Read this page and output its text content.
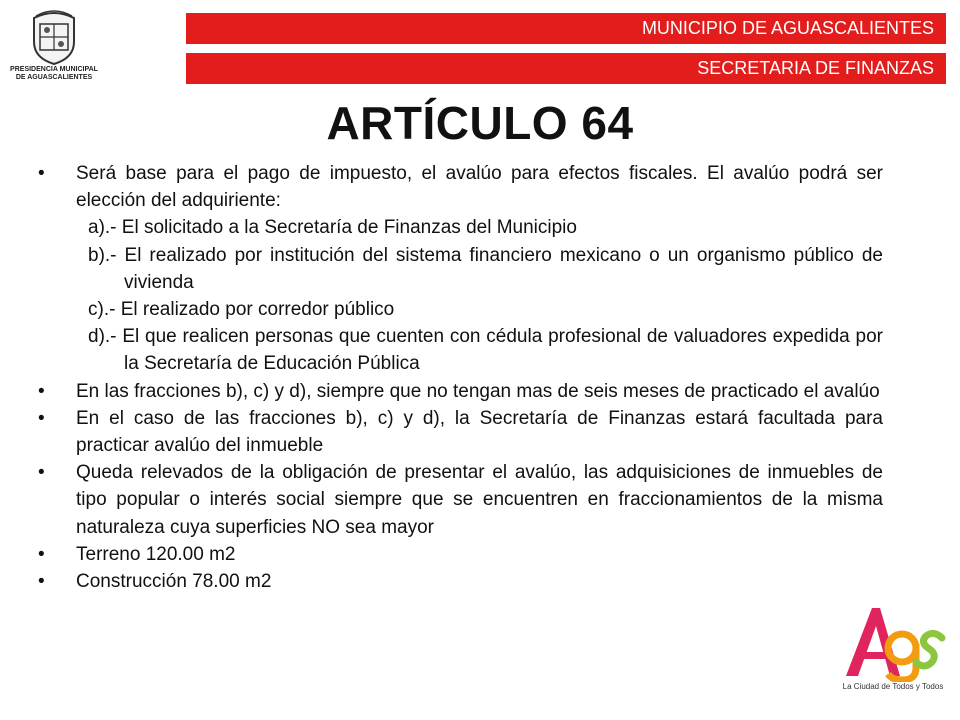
PRESIDENCIA MUNICIPAL
DE AGUASCALIENTES
MUNICIPIO DE AGUASCALIENTES
SECRETARIA DE FINANZAS
ARTÍCULO 64
• Será base para el pago de impuesto, el avalúo para efectos fiscales. El avalúo podrá ser elección del adquiriente:
a).- El solicitado a la Secretaría de Finanzas del Municipio
b).- El realizado por institución del sistema financiero mexicano o un organismo público de vivienda
c).- El realizado por corredor público
d).- El que realicen personas que cuenten con cédula profesional de valuadores expedida por la Secretaría de Educación Pública
• En las fracciones b), c) y d), siempre que no tengan mas de seis meses de practicado el avalúo
• En el caso de las fracciones b), c) y d), la Secretaría de Finanzas estará facultada para practicar avalúo del inmueble
• Queda relevados de la obligación de presentar el avalúo, las adquisiciones de inmuebles de tipo popular o interés social siempre que se encuentren en fraccionamientos de la misma naturaleza cuya superficies NO sea mayor
• Terreno 120.00 m2
• Construcción 78.00 m2
La Ciudad de Todos y Todos
